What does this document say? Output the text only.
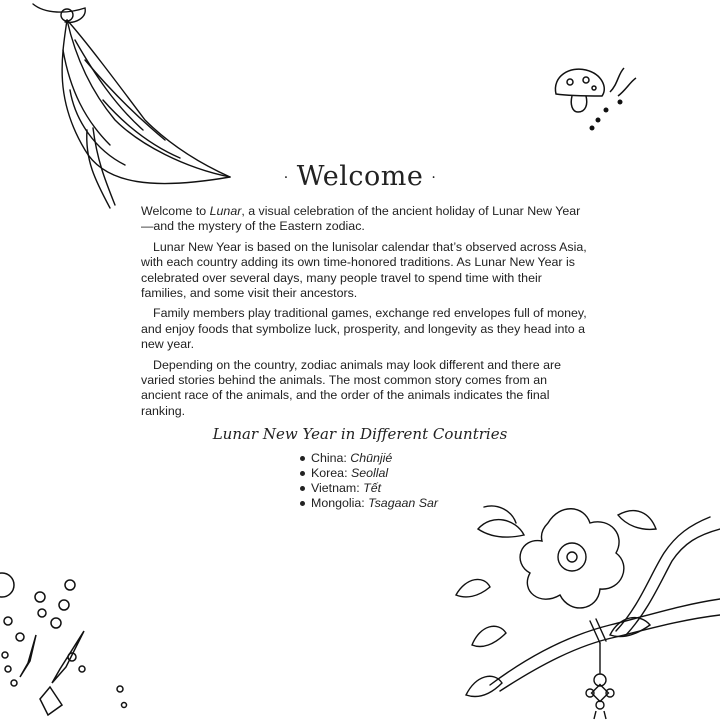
· Welcome ·

Welcome to Lunar, a visual celebration of the ancient holiday of Lunar New Year—and the mystery of the Eastern zodiac.

Lunar New Year is based on the lunisolar calendar that’s observed across Asia, with each country adding its own time-honored traditions. As Lunar New Year is celebrated over several days, many people travel to spend time with their families, and some visit their ancestors.

Family members play traditional games, exchange red envelopes full of money, and enjoy foods that symbolize luck, prosperity, and longevity as they head into a new year.

Depending on the country, zodiac animals may look different and there are varied stories behind the animals. The most common story comes from an ancient race of the animals, and the order of the animals indicates the final ranking.

Lunar New Year in Different Countries
China: Chūnjié
Korea: Seollal
Vietnam: Tết
Mongolia: Tsagaan Sar
